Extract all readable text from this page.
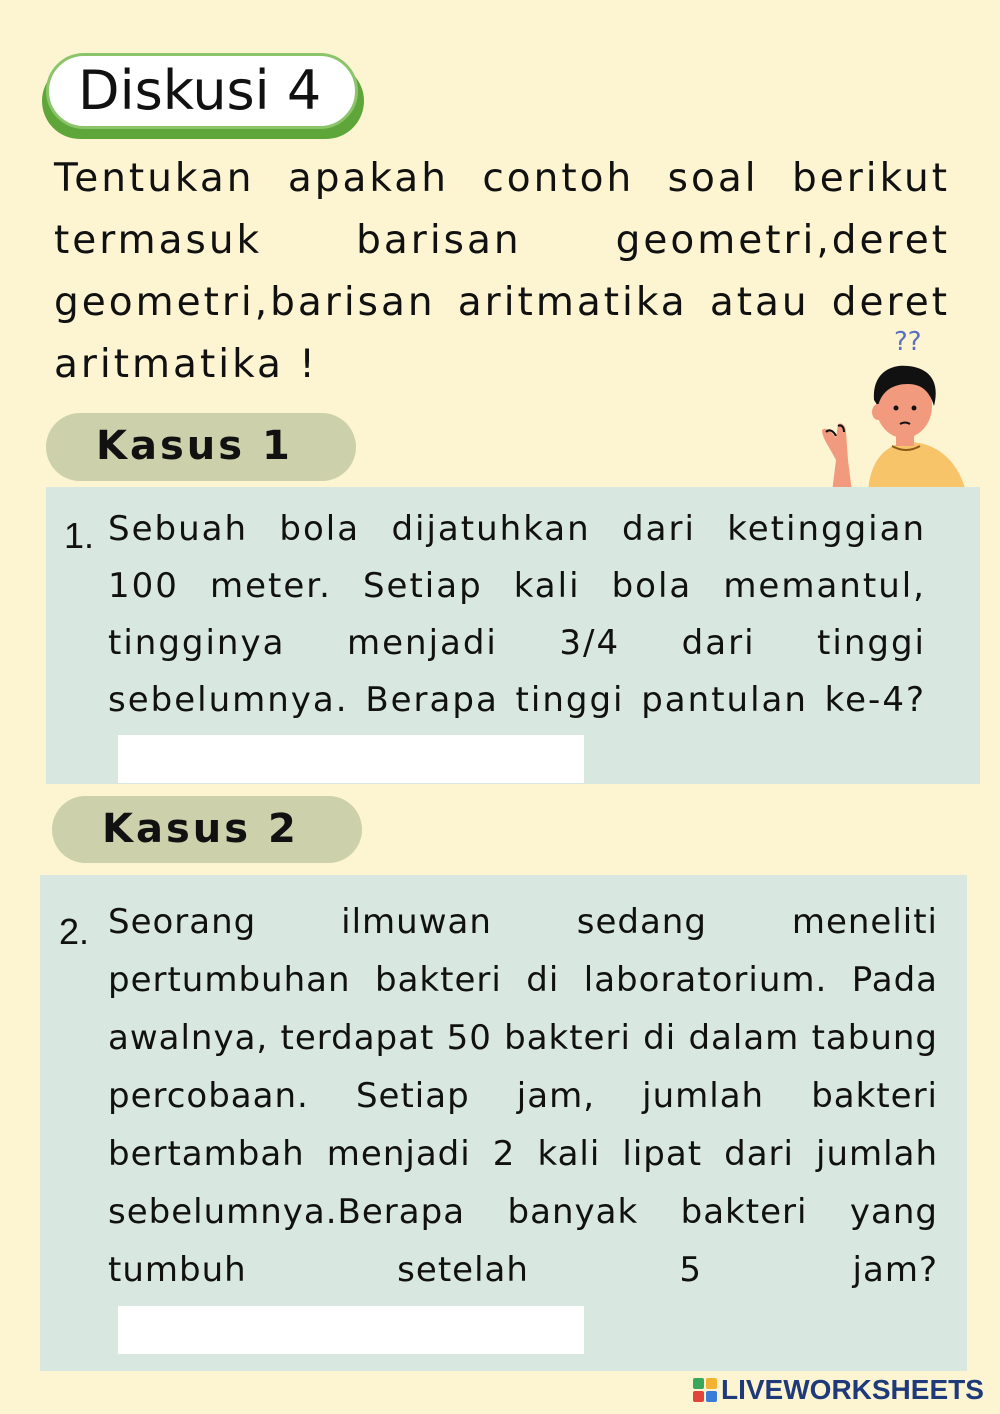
Diskusi 4
Tentukan apakah contoh soal berikut termasuk barisan geometri,deret geometri,barisan aritmatika atau deret aritmatika !	??
Kasus 1
1. Sebuah bola dijatuhkan dari ketinggian 100 meter. Setiap kali bola memantul, tingginya menjadi 3/4 dari tinggi sebelumnya. Berapa tinggi pantulan ke-4?
Kasus 2
2. Seorang ilmuwan sedang meneliti pertumbuhan bakteri di laboratorium. Pada awalnya, terdapat 50 bakteri di dalam tabung percobaan. Setiap jam, jumlah bakteri bertambah menjadi 2 kali lipat dari jumlah sebelumnya.Berapa banyak bakteri yang tumbuh setelah 5 jam?
LIVEWORKSHEETS
